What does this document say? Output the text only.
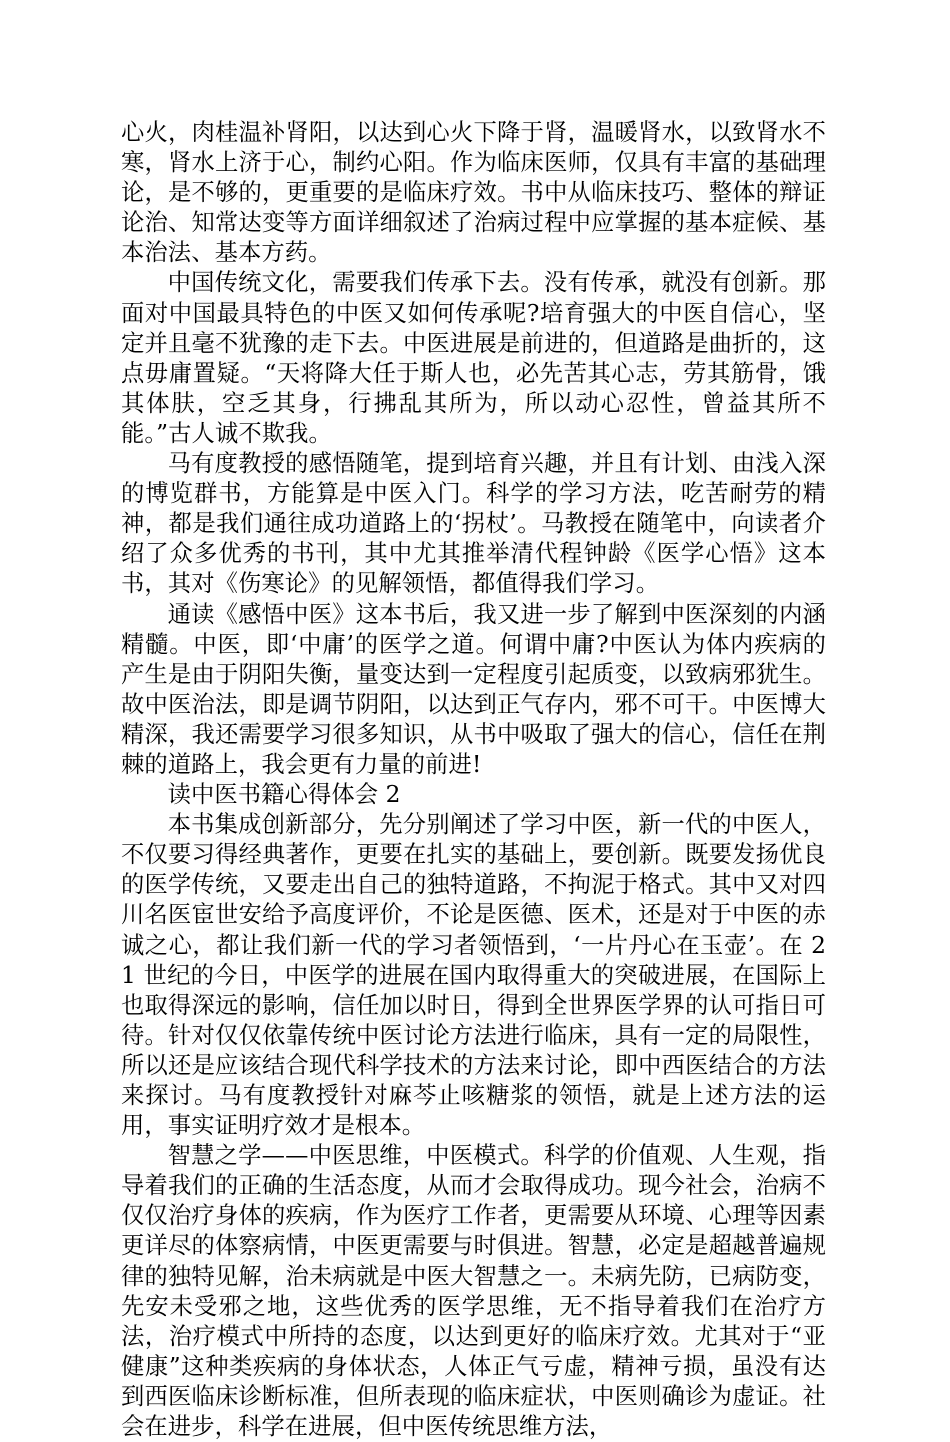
心火，肉桂温补肾阳，以达到心火下降于肾，温暖肾水，以致肾水不寒，肾水上济于心，制约心阳。作为临床医师，仅具有丰富的基础理论，是不够的，更重要的是临床疗效。书中从临床技巧、整体的辩证论治、知常达变等方面详细叙述了治病过程中应掌握的基本症候、基本治法、基本方药。

中国传统文化，需要我们传承下去。没有传承，就没有创新。那面对中国最具特色的中医又如何传承呢?培育强大的中医自信心，坚定并且毫不犹豫的走下去。中医进展是前进的，但道路是曲折的，这点毋庸置疑。“天将降大任于斯人也，必先苦其心志，劳其筋骨，饿其体肤，空乏其身，行拂乱其所为，所以动心忍性，曾益其所不能。”古人诚不欺我。

马有度教授的感悟随笔，提到培育兴趣，并且有计划、由浅入深的博览群书，方能算是中医入门。科学的学习方法，吃苦耐劳的精神，都是我们通往成功道路上的‘拐杖’。马教授在随笔中，向读者介绍了众多优秀的书刊，其中尤其推举清代程钟龄《医学心悟》这本书，其对《伤寒论》的见解领悟，都值得我们学习。

通读《感悟中医》这本书后，我又进一步了解到中医深刻的内涵精髓。中医，即‘中庸’的医学之道。何谓中庸?中医认为体内疾病的产生是由于阴阳失衡，量变达到一定程度引起质变，以致病邪犹生。故中医治法，即是调节阴阳，以达到正气存内，邪不可干。中医博大精深，我还需要学习很多知识，从书中吸取了强大的信心，信任在荆棘的道路上，我会更有力量的前进!

读中医书籍心得体会 2

本书集成创新部分，先分别阐述了学习中医，新一代的中医人，不仅要习得经典著作，更要在扎实的基础上，要创新。既要发扬优良的医学传统，又要走出自己的独特道路，不拘泥于格式。其中又对四川名医宦世安给予高度评价，不论是医德、医术，还是对于中医的赤诚之心，都让我们新一代的学习者领悟到，‘一片丹心在玉壶’。在 21 世纪的今日，中医学的进展在国内取得重大的突破进展，在国际上也取得深远的影响，信任加以时日，得到全世界医学界的认可指日可待。针对仅仅依靠传统中医讨论方法进行临床，具有一定的局限性，所以还是应该结合现代科学技术的方法来讨论，即中西医结合的方法来探讨。马有度教授针对麻芩止咳糖浆的领悟，就是上述方法的运用，事实证明疗效才是根本。

智慧之学——中医思维，中医模式。科学的价值观、人生观，指导着我们的正确的生活态度，从而才会取得成功。现今社会，治病不仅仅治疗身体的疾病，作为医疗工作者，更需要从环境、心理等因素更详尽的体察病情，中医更需要与时俱进。智慧，必定是超越普遍规律的独特见解，治未病就是中医大智慧之一。未病先防，已病防变，先安未受邪之地，这些优秀的医学思维，无不指导着我们在治疗方法，治疗模式中所持的态度，以达到更好的临床疗效。尤其对于“亚健康”这种类疾病的身体状态，人体正气亏虚，精神亏损，虽没有达到西医临床诊断标准，但所表现的临床症状，中医则确诊为虚证。社会在进步，科学在进展，但中医传统思维方法，
